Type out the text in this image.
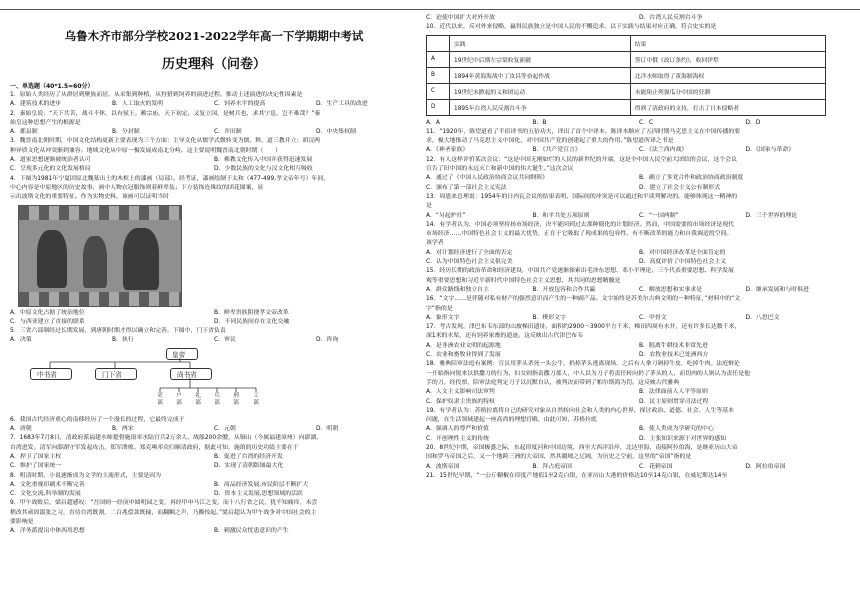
乌鲁木齐市部分学校2021-2022学年高一下学期期中考试
历史理科（问卷）
一、单选题（40*1.5=60分）
1．原始人类经历了从群居到聚族而居，从采集到种植，从狩猎到饲养的演进过程。推动上述演进的决定性因素是
A．建筑技术的进步	B．人工取火的发明	C．饲养水平的提高	D．生产工具的改进
2．秦始皇说：“天下共苦，战斗不休，以有侯王。赖宗庙，天下初定，又复立国，是树兵也，求其宁息，岂不难哉？”秦
始皇这种思想产生的根源是
A．郡县制	B．分封制	C．井田制	D．中央集权制
3．魏晋南北朝时期，中国文化结构更新主要表现为三个方面：主导文化从儒学式微转变为儒、释、道三教并立；胡汉两
种异质文化从冲突渐到兼容；地域文化从中原一极发展成南北分峙。这主要说明魏晋南北朝时期（　　）
A．道家思想逐渐被统治者认可	B．佛教文化传入中国并获得迅速发展
C．呈现多元化的文化发展格局	D．少数民族的文化与汉文化相互吸收
4．下图为1981年宁夏固原北魏墓出土的木棺上的漆画（局部）。经考证，漆画绘制于太和（477-499,孝文帝年号）年间，
中心内容是中原地区的历史故事，画中人物衣冠服饰则着鲜卑装；下方装饰连珠纹的团花图案，显
示出波斯文化的重要特征。作为实物史料，该画可以证明当时
A．中原文化占据了统治地位	B．鲜卑贵族阻挠孝文帝改革
C．与西亚建立了直接的联系	D．不同民族间存在文化交融
5．三省六部制经过长期发展，到唐朝时期才得以确立和完善。下图中，门下省负责
A．决策	B．执行	C．审议	D．咨询
皇帝
中书省	门下省	尚书省
吏部
户部
礼部
兵部
刑部
工部
6．我国古代经济重心的南移经历了一个漫长的过程，它最终完成于
A．唐朝	B．两宋	C．元朝	D．明朝
7．1683年7月8日，清政府派福建水师提督施琅率水陆官兵2万余人、战船200余艘，从铜山（今属福建漳州）向澎湖、
台湾进发。清军向澎湖守军发起攻击，郑军溃败。郑克塽率众归顺清政府，据此可知，施琅的历史功绩主要在于
A．捍卫了国家主权	B．促进了台湾的经济开发
C．维护了国家统一	D．实现了清朝版图最大化
8．明清时期，小说逐渐成为文学的主流形式，主要是因为
A．文化重视印刷术不断完善	B．商品经济发展,市民阶层不断扩大
C．文化交流,科举制的发展	D．资本主义发展,思想领域的活跃
9．甲午战败后，梁启超感叹：“吾国则一经庚申圆明园之变，再经甲申马江之变，而十八行省之民，犹不知痛痒，未尝
稍改其顽固嚣张之习，直待台湾既割，二百兆偿款既输，而翻鲷之声，乃撕惊起。”梁启超认为甲午战争对中国社会的主
要影响是
A．洋务派提出中体西用思想	B．刺激民众忧患意识的产生
C．迫使中国扩大对外开放	D．台湾人民反割台斗争
10．近代以来，反对外来侵略，赢得民族独立是中国人民的不懈追求。以下实践与结果对应正确，符合史实的是
	实践	结果
A	19世纪中后期左宗棠收复新疆	签订中俄《改订条约》，收回伊犁
B	1894年黄海海战中丁汝昌等奋起作战	北洋水师取得了黄海制海权
C	19世纪末掀起的义和团运动	未能阻止列强瓜分中国的狂潮
D	1895年台湾人民反割台斗争	得到了清政府的支持，打击了日本侵略者
A．A	B．B	C．C	D．D
11．“1920年，陈望道看了半宿译书的五倍功夫，译出了首个中译本。陈译本顺应了五四时期马克思主义在中国传播的要
求，极大地推动了马克思主义中国化，对中国共产党的创建起了重大的作用，”陈望道所译之书是
A．《神圣家族》	B．《共产党宣言》	C．《法兰西内战》	D．《国家与革命》
12．有人这样评价某次会议：“这是中国无刚如烂的人民的新世纪的开端，这是全中国人民空前大团结的会议，这个会议
宣告了旧中国的永远灭亡和新中国的伟大诞生。”这次会议
A．通过了《中国人民政治协商会议共同纲领》	B．确立了多党合作和政治协商政治制度
C．颁布了第一部社会主义宪法	D．建立了社会主义公有制形式
13．周恩来总理说：1954年的日内瓦会议的结果表明，国际间的冲突是可以通过和平谈判解决的。能够体现这一精神的
是
A．“另起炉灶”	B．和平共处五项原则	C．“一国两制”	D．三个世界的理论
14．有学者认为，中国必须坚持扬市场经济，决不能回到过去那种僵化的计划经济。然而，中国需要的市场经济是现代
市场经济……中国特色社会主义的最大优势，正在于它吸取了现成果的包容性，有不断改革的能力和自我调适的空间。
该学者
A．对计划经济进行了全面的否定	B．对中国经济改革是全面肯定的
C．认为中国特色社会主义很完美	D．高度评价了中国特色社会主义
15．经历长期的政治革命和经济建设，中国共产党逐渐探索出毛泽东思想、邓小平理论、三个代表重要思想、科学发展
观等重要思想和习近平新时代中国特色社会主义思想，其共同的思想精髓是
A．群众路线和独立自主	B．开放包容和合作共赢	C．解放思想和实事求是	D．继承发展和与时俱进
16．“文字……是伴随对私有财产的强烈意识而产生的一种副产品。文字始终是苏美尔古典文明的一种特征，”材料中的“文
字”指的是
A．象形文字	B．楔形文字	C．甲骨文	D．八思巴文
17．考古发现，津巴布韦东部的山坡梯田遗址，面积约2900～3900平方千米，梯田四周有水井，还有许多长达数千米，
深1米的水渠，还有饲养家畜的遗迹。这反映出古代津巴布韦
A．是非洲农业文明的起源地	B．脱离牛耕技术非常先进
C．农业和畜牧业得到了发展	D．农牧业技术已处洲西方
18．雅典陪审法庭有案例：宣员用茅头杀死一头公牛，扔掉茅头逃离现场，之后有人拿刀剁掉牛皮，吃掉牛肉。法庭辩论
一开始指向锐来以供撒刀的行为，妇女则指责撒刀那人，中人以为刀子将责任转向扔了茅头的人，而切肉的人则认为责任是他
手的刀。经投票，陪审法庭判定刀子以沉默自认，被判决而带到了帕尔斯海为罚。这反映古代雅典
A．人文主义影响司法审判	B．法律面前人人平等原则
C．保护奴隶主贵族的特权	D．民主原则贯穿司法过程
19．有学者认为：苏格拉底将自己的研究对象从自然转向社会和人类的内心世界，探讨政治、道德、社会、人生等基本
问题，在生活领域建起一座高尚的理想宫殿，由此可知，苏格拉底
A．强调人的尊严和价值	B．使人类成为学研究的中心
C．开创理性主义的传统	D．主张知识来源于对世界的感知
20．8世纪中期，帝国极盛之际，东起印度河和中国边境，西至大西洋沿岸，北达里海，南接阿拉伯海，是继亚历山大帝
国和罗马帝国之后，又一个地跨三洲的大帝国，然其疆域之辽阔，为历史之空前，这里的“帝国”指的是
A．波斯帝国	B．拜占庭帝国	C．花剌帝国	D．阿拉伯帝国
21．15世纪早期，“一公斤糊椒在印度产地值1至2克白银，在亚历山大港的价格达10至14克白银，在威尼斯达14至
